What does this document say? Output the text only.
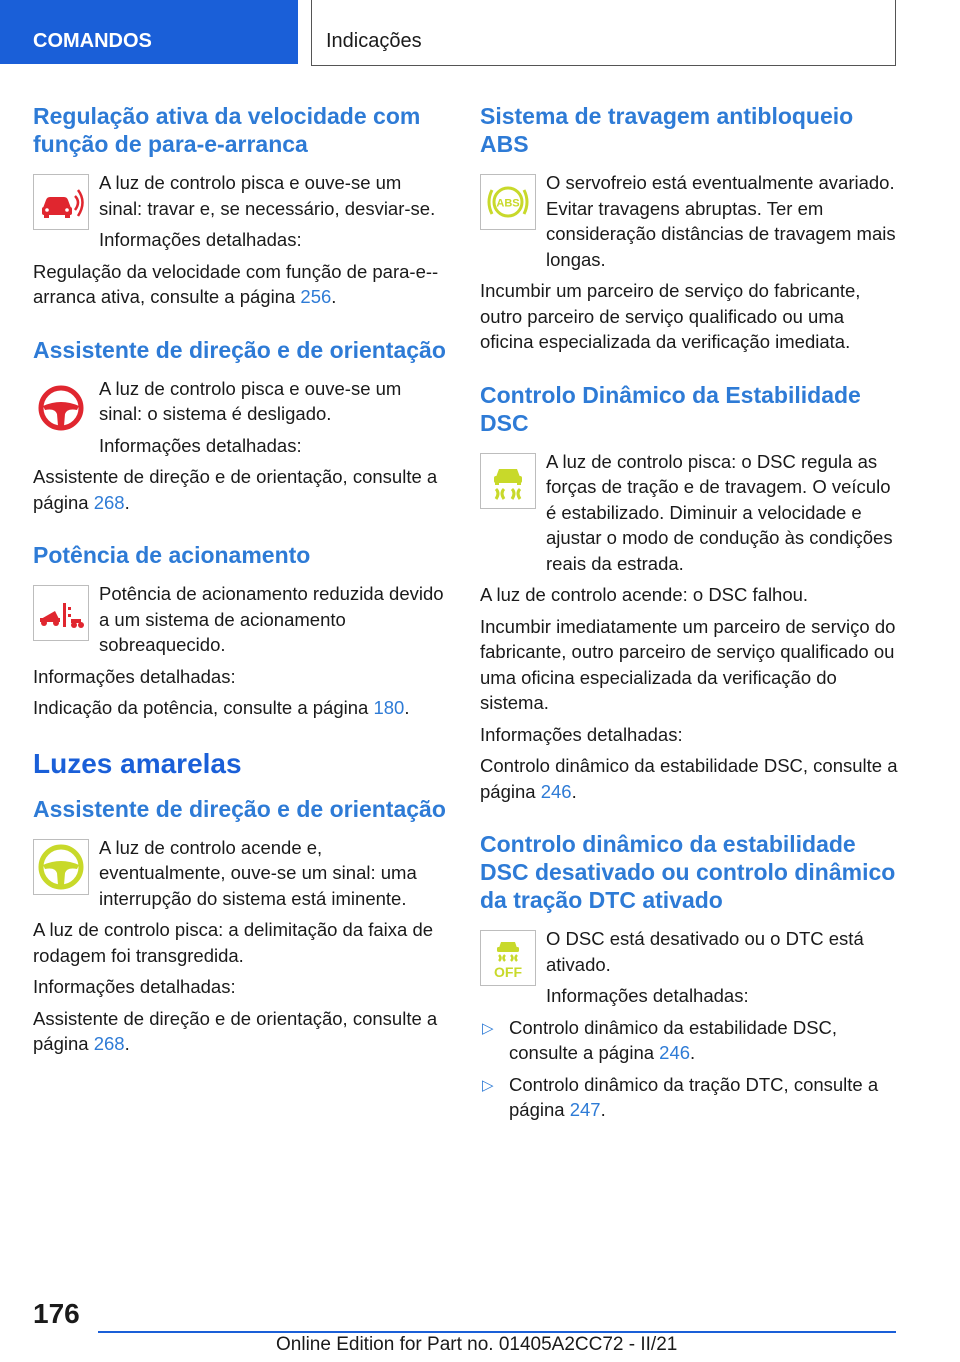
COMANDOS	Indicações
Regulação ativa da velocidade com função de para-e-arranca

A luz de controlo pisca e ouve-se um sinal: travar e, se necessário, desviar-se.

Informações detalhadas:

Regulação da velocidade com função de para-e--arranca ativa, consulte a página 256.

Assistente de direção e de orientação

A luz de controlo pisca e ouve-se um sinal: o sistema é desligado.

Informações detalhadas:

Assistente de direção e de orientação, consulte a página 268.

Potência de acionamento

Potência de acionamento reduzida devido a um sistema de acionamento sobreaquecido.

Informações detalhadas:

Indicação da potência, consulte a página 180.

Luzes amarelas
Assistente de direção e de orientação

A luz de controlo acende e, eventualmente, ouve-se um sinal: uma interrupção do sistema está iminente.

A luz de controlo pisca: a delimitação da faixa de rodagem foi transgredida.

Informações detalhadas:

Assistente de direção e de orientação, consulte a página 268.

Sistema de travagem antibloqueio ABS
ABS

O servofreio está eventualmente avariado. Evitar travagens abruptas. Ter em consideração distâncias de travagem mais longas.

Incumbir um parceiro de serviço do fabricante, outro parceiro de serviço qualificado ou uma oficina especializada da verificação imediata.

Controlo Dinâmico da Estabilidade DSC

A luz de controlo pisca: o DSC regula as forças de tração e de travagem. O veículo é estabilizado. Diminuir a velocidade e ajustar o modo de condução às condições reais da estrada.

A luz de controlo acende: o DSC falhou.

Incumbir imediatamente um parceiro de serviço do fabricante, outro parceiro de serviço qualificado ou uma oficina especializada da verificação do sistema.

Informações detalhadas:

Controlo dinâmico da estabilidade DSC, consulte a página 246.

Controlo dinâmico da estabilidade DSC desativado ou controlo dinâmico da tração DTC ativado
OFF

O DSC está desativado ou o DTC está ativado.

Informações detalhadas:

▷ Controlo dinâmico da estabilidade DSC, consulte a página 246.
▷ Controlo dinâmico da tração DTC, consulte a página 247.
176
Online Edition for Part no. 01405A2CC72 - II/21
